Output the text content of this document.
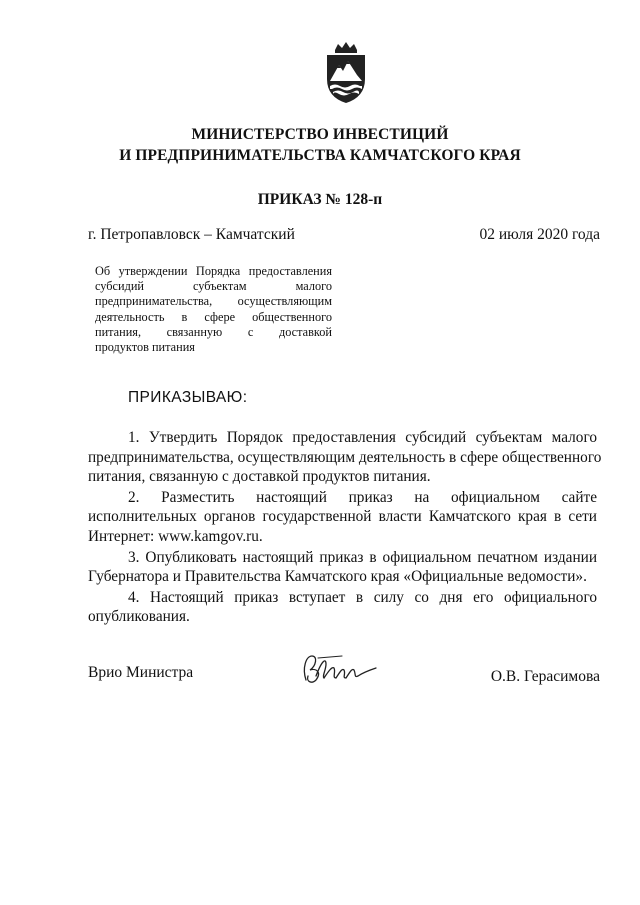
МИНИСТЕРСТВО ИНВЕСТИЦИЙ
И ПРЕДПРИНИМАТЕЛЬСТВА КАМЧАТСКОГО КРАЯ
ПРИКАЗ № 128-п
г. Петропавловск – Камчатский	02 июля 2020 года
Об утверждении Порядка предоставления
субсидий субъектам малого
предпринимательства, осуществляющим
деятельность в сфере общественного
питания, связанную с доставкой
продуктов питания
ПРИКАЗЫВАЮ:
1. Утвердить Порядок предоставления субсидий субъектам малого
предпринимательства, осуществляющим деятельность в сфере общественного
питания, связанную с доставкой продуктов питания.
2. Разместить настоящий приказ на официальном сайте
исполнительных органов государственной власти Камчатского края в сети
Интернет: www.kamgov.ru.
3. Опубликовать настоящий приказ в официальном печатном издании
Губернатора и Правительства Камчатского края «Официальные ведомости».
4. Настоящий приказ вступает в силу со дня его официального
опубликования.
Врио Министра	О.В. Герасимова
